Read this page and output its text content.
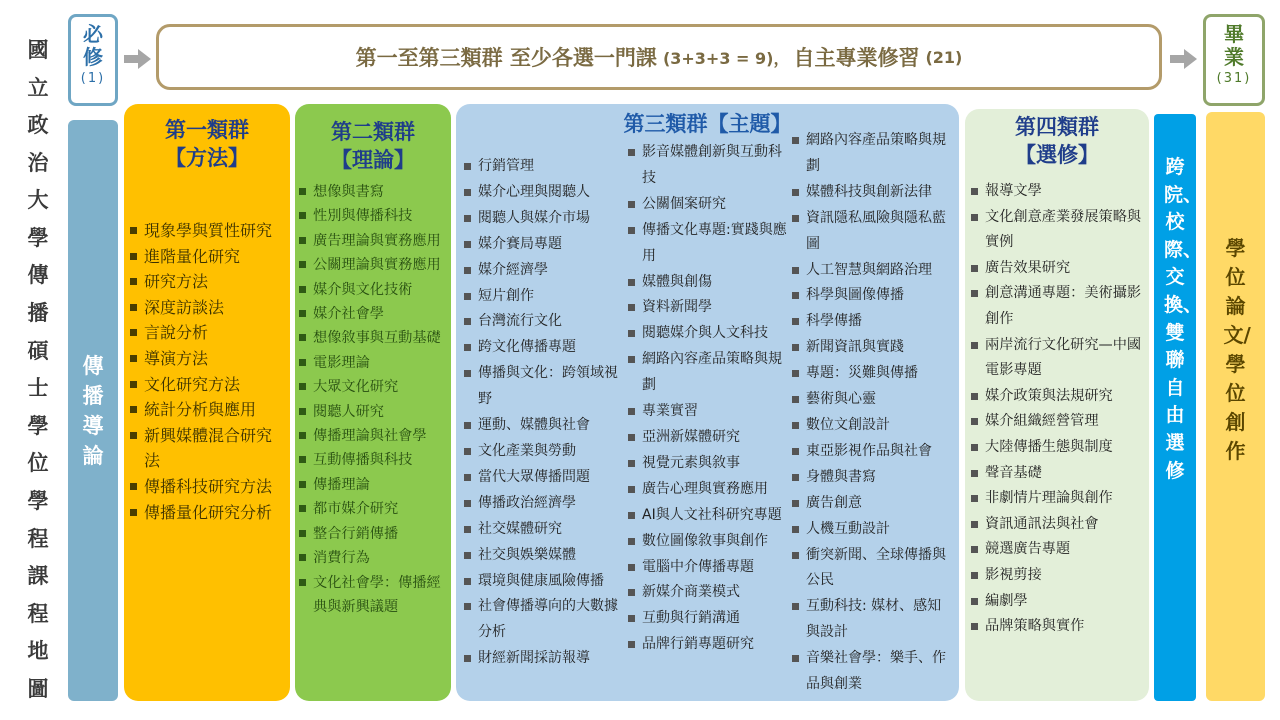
國
立
政
治
大
學
傳
播
碩
士
學
位
學
程
課
程
地
圖
必修
(1)
第一至第三類群 至少各選一門課 (3+3+3 = 9)， 自主專業修習 (21)
畢業
(31)
傳播導論
第一類群
【方法】
現象學與質性研究
進階量化研究
研究方法
深度訪談法
言說分析
導演方法
文化研究方法
統計分析與應用
新興媒體混合研究法
傳播科技研究方法
傳播量化研究分析
第二類群
【理論】
想像與書寫
性別與傳播科技
廣告理論與實務應用
公關理論與實務應用
媒介與文化技術
媒介社會學
想像敘事與互動基礎
電影理論
大眾文化研究
閱聽人研究
傳播理論與社會學
互動傳播與科技
傳播理論
都市媒介研究
整合行銷傳播
消費行為
文化社會學：傳播經典與新興議題
第三類群【主題】
行銷管理
媒介心理與閱聽人
閱聽人與媒介市場
媒介賽局專題
媒介經濟學
短片創作
台灣流行文化
跨文化傳播專題
傳播與文化：跨領域視野
運動、媒體與社會
文化產業與勞動
當代大眾傳播問題
傳播政治經濟學
社交媒體研究
社交與娛樂媒體
環境與健康風險傳播
社會傳播導向的大數據分析
財經新聞採訪報導
影音媒體創新與互動科技
公關個案研究
傳播文化專題:實踐與應用
媒體與創傷
資料新聞學
閱聽媒介與人文科技
網路內容產品策略與規劃
專業實習
亞洲新媒體研究
視覺元素與敘事
廣告心理與實務應用
AI與人文社科研究專題
數位圖像敘事與創作
電腦中介傳播專題
新媒介商業模式
互動與行銷溝通
品牌行銷專題研究
網路內容產品策略與規劃
媒體科技與創新法律
資訊隱私風險與隱私藍圖
人工智慧與網路治理
科學與圖像傳播
科學傳播
新聞資訊與實踐
專題：災難與傳播
藝術與心靈
數位文創設計
東亞影視作品與社會
身體與書寫
廣告創意
人機互動設計
衝突新聞、全球傳播與公民
互動科技: 媒材、感知與設計
音樂社會學：樂手、作品與創業
第四類群
【選修】
報導文學
文化創意產業發展策略與實例
廣告效果研究
創意溝通專題：美術攝影創作
兩岸流行文化研究—中國電影專題
媒介政策與法規研究
媒介組織經營管理
大陸傳播生態與制度
聲音基礎
非劇情片理論與創作
資訊通訊法與社會
競選廣告專題
影視剪接
編劇學
品牌策略與實作
跨院、校際、交換、雙聯 自由選修
學位論文/學位創作
